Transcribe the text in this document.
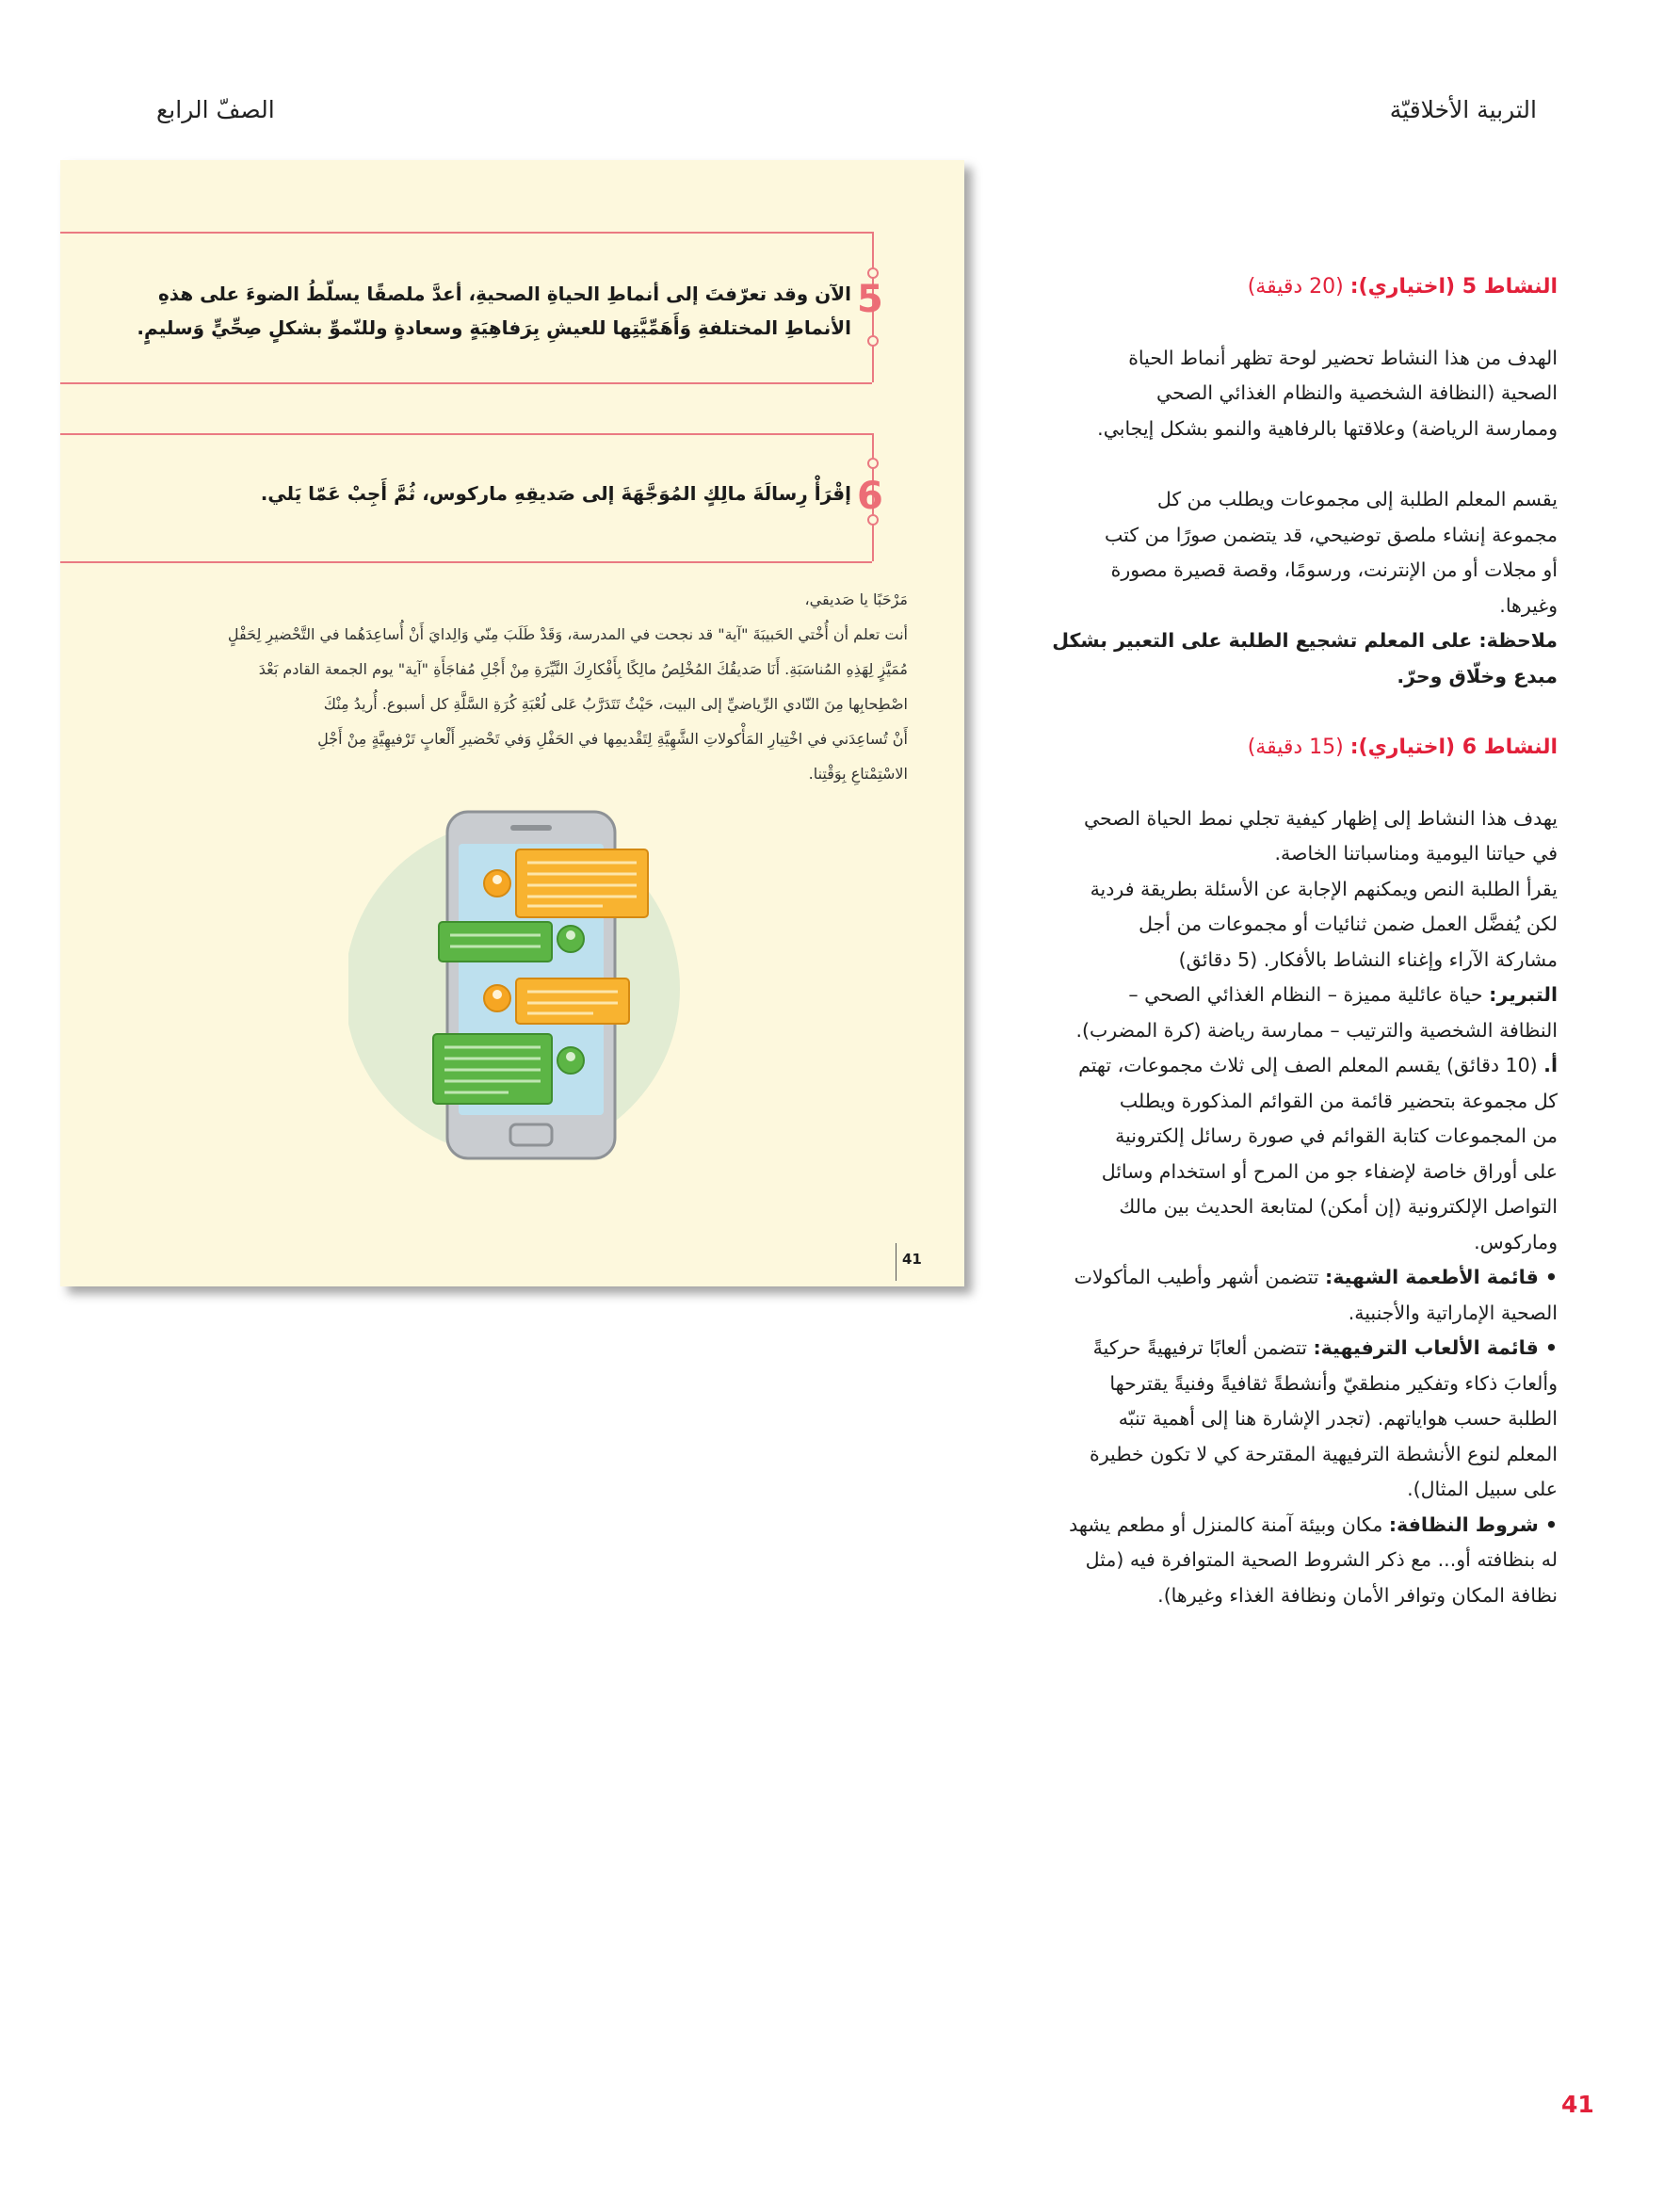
التربية الأخلاقيّة
الصفّ الرابع
5
الآن وقد تعرّفتَ إلى أنماطِ الحياةِ الصحيةِ، أعدَّ ملصقًا يسلّطُ الضوءَ على هذهِ
الأنماطِ المختلفةِ وَأَهَمِّيَّتِها للعيشِ بِرَفاهِيَةٍ وسعادةٍ وللنّموِّ بشكلٍ صِحِّيٍّ وَسليمٍ.
6
إقْرَأْ رِسالَةَ مالِكٍ المُوَجَّهَةَ إلى صَديقِهِ ماركوس، ثُمَّ أَجِبْ عَمّا يَلي.

مَرْحَبًا يا صَديقي،

أنت تعلم أن أُخْتي الحَبيبَةَ "آية" قد نجحت في المدرسة، وَقَدْ طَلَبَ مِنّي وَالِدايَ أَنْ أُساعِدَهُما في التَّحْضيرِ لِحَفْلٍ

مُمَيَّزٍ لِهَذِهِ المُناسَبَةِ. أَنَا صَديقُكَ المُخْلِصُ مالِكًا بِأَفْكارِكَ النَّيِّرَةِ مِنْ أَجْلِ مُفاجَأَةِ "آية" يوم الجمعة القادم بَعْدَ

اصْطِحابِها مِنَ النّادي الرِّياضيِّ إلى البيت، حَيْثُ تَتَدَرَّبُ عَلى لُعْبَةِ كُرَةِ السَّلَّةِ كل أسبوع. أُريدُ مِنْكَ

أَنْ تُساعِدَني في اخْتِيارِ المَأْكولاتِ الشَّهِيَّةِ لِتَقْديمِها في الحَفْلِ وَفي تَحْضيرِ أَلْعابٍ تَرْفيهِيَّةٍ مِنْ أَجْلِ

الاسْتِمْتاعِ بِوَقْتِنا.

41

النشاط 5 (اختياري): (20 دقيقة)

الهدف من هذا النشاط تحضير لوحة تظهر أنماط الحياة

الصحية (النظافة الشخصية والنظام الغذائي الصحي

وممارسة الرياضة) وعلاقتها بالرفاهية والنمو بشكل إيجابي.

يقسم المعلم الطلبة إلى مجموعات ويطلب من كل

مجموعة إنشاء ملصق توضيحي، قد يتضمن صورًا من كتب

أو مجلات أو من الإنترنت، ورسومًا، وقصة قصيرة مصورة

وغيرها.

ملاحظة: على المعلم تشجيع الطلبة على التعبير بشكل

مبدع وخلّاق وحرّ.

النشاط 6 (اختياري): (15 دقيقة)

يهدف هذا النشاط إلى إظهار كيفية تجلي نمط الحياة الصحي

في حياتنا اليومية ومناسباتنا الخاصة.

يقرأ الطلبة النص ويمكنهم الإجابة عن الأسئلة بطريقة فردية

لكن يُفضَّل العمل ضمن ثنائيات أو مجموعات من أجل

مشاركة الآراء وإغناء النشاط بالأفكار. (5 دقائق)

التبرير: حياة عائلية مميزة – النظام الغذائي الصحي –

النظافة الشخصية والترتيب – ممارسة رياضة (كرة المضرب).

أ. (10 دقائق) يقسم المعلم الصف إلى ثلاث مجموعات، تهتم

كل مجموعة بتحضير قائمة من القوائم المذكورة ويطلب

من المجموعات كتابة القوائم في صورة رسائل إلكترونية

على أوراق خاصة لإضفاء جو من المرح أو استخدام وسائل

التواصل الإلكترونية (إن أمكن) لمتابعة الحديث بين مالك

وماركوس.

• قائمة الأطعمة الشهية: تتضمن أشهر وأطيب المأكولات

الصحية الإماراتية والأجنبية.

• قائمة الألعاب الترفيهية: تتضمن ألعابًا ترفيهيةً حركيةً

وألعابَ ذكاء وتفكير منطقيّ وأنشطةً ثقافيةً وفنيةً يقترحها

الطلبة حسب هواياتهم. (تجدر الإشارة هنا إلى أهمية تنبّه

المعلم لنوع الأنشطة الترفيهية المقترحة كي لا تكون خطيرة

على سبيل المثال).

• شروط النظافة: مكان وبيئة آمنة كالمنزل أو مطعم يشهد

له بنظافته أو... مع ذكر الشروط الصحية المتوافرة فيه (مثل

نظافة المكان وتوافر الأمان ونظافة الغذاء وغيرها).

41
